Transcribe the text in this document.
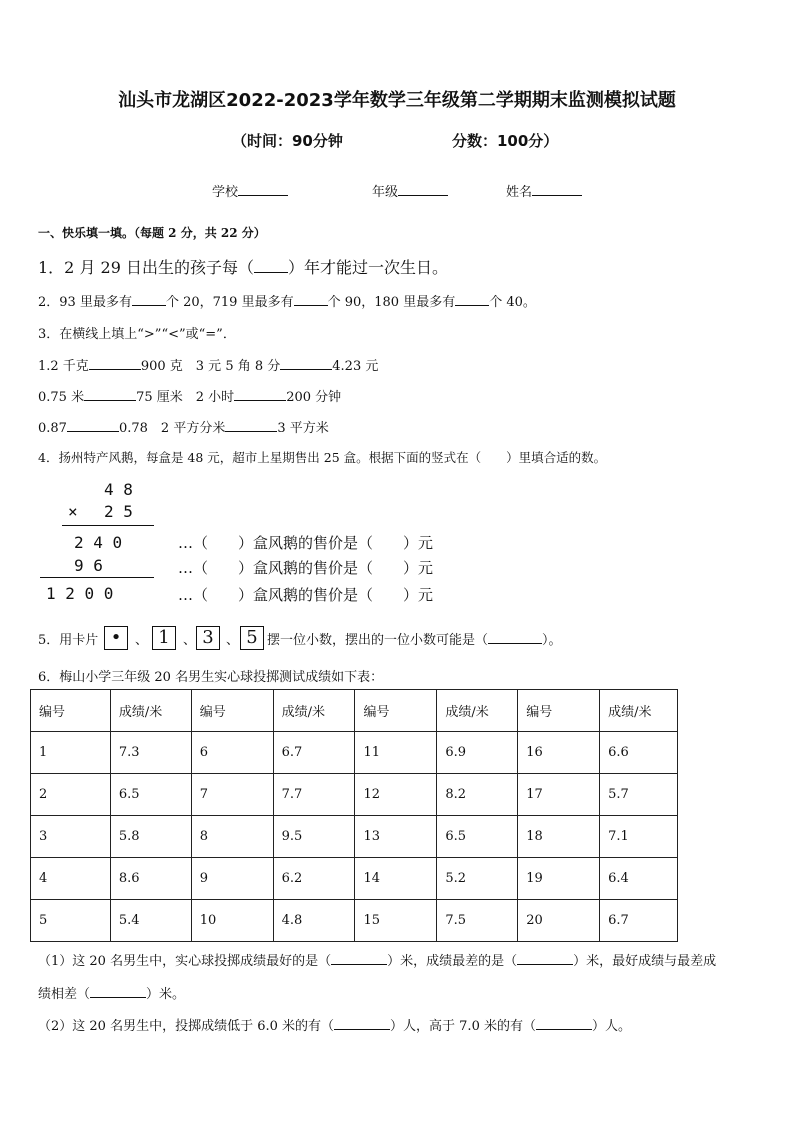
汕头市龙湖区2022-2023学年数学三年级第二学期期末监测模拟试题
（时间：90分钟	分数：100分）
学校	年级	姓名
一、快乐填一填。（每题 2 分，共 22 分）
1．2 月 29 日出生的孩子每（ ）年才能过一次生日。
2．93 里最多有	个 20，719 里最多有	个 90，180 里最多有	个 40。
3．在横线上填上“>”“<”或“=”．
1.2 千克	900 克　 3 元 5 角 8 分	4.23 元
0.75 米	75 厘米　 2 小时	200 分钟
0.87	0.78　 2 平方分米	3 平方米
4．扬州特产风鹅，每盒是 48 元，超市上星期售出 25 盒。根据下面的竖式在（　　）里填合适的数。
4 8
× 2 5
2 4 0
9 6
1 2 0 0
…（　　）盒风鹅的售价是（　　）元
…（　　）盒风鹅的售价是（　　）元
…（　　）盒风鹅的售价是（　　）元
5．用卡片 •	、 1	、 3 、 5 摆一位小数，摆出的一位小数可能是（	）。
6．梅山小学三年级 20 名男生实心球投掷测试成绩如下表：
编号	成绩/米	编号	成绩/米	编号	成绩/米	编号	成绩/米
1	7.3	6	6.7	11	6.9	16	6.6
2	6.5	7	7.7	12	8.2	17	5.7
3	5.8	8	9.5	13	6.5	18	7.1
4	8.6	9	6.2	14	5.2	19	6.4
5	5.4	10	4.8	15	7.5	20	6.7
（1）这 20 名男生中，实心球投掷成绩最好的是（	）米，成绩最差的是（	）米，最好成绩与最差成
绩相差（	）米。
（2）这 20 名男生中，投掷成绩低于 6.0 米的有（	）人，高于 7.0 米的有（	）人。
